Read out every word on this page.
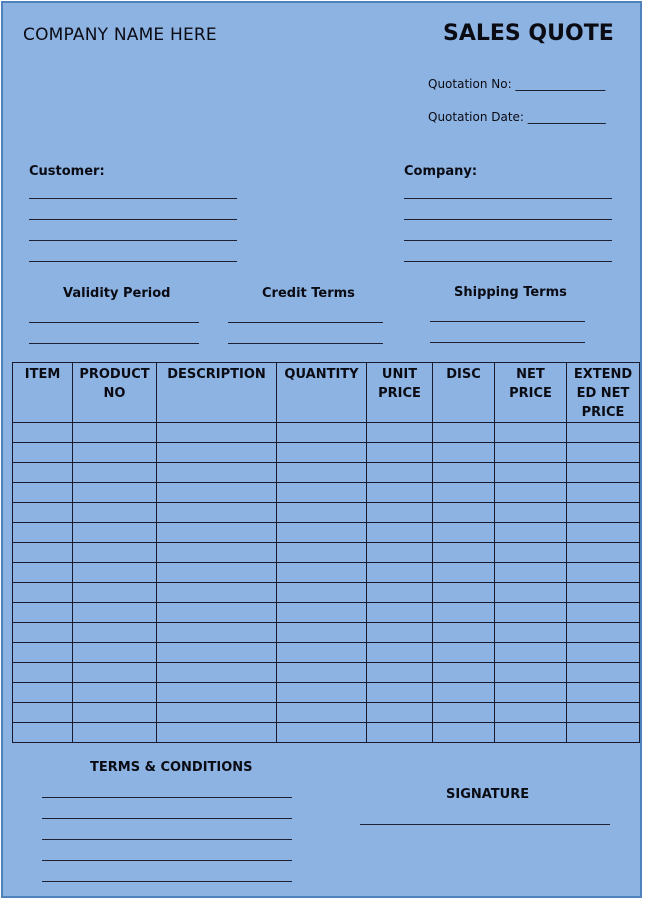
COMPANY NAME HERE	SALES QUOTE
Quotation No: _______________
Quotation Date: _____________
Customer:	Company:
Validity Period	Credit Terms	Shipping Terms
ITEM	PRODUCT NO	DESCRIPTION	QUANTITY	UNIT PRICE	DISC	NET PRICE	EXTEND ED NET PRICE

TERMS & CONDITIONS
SIGNATURE
